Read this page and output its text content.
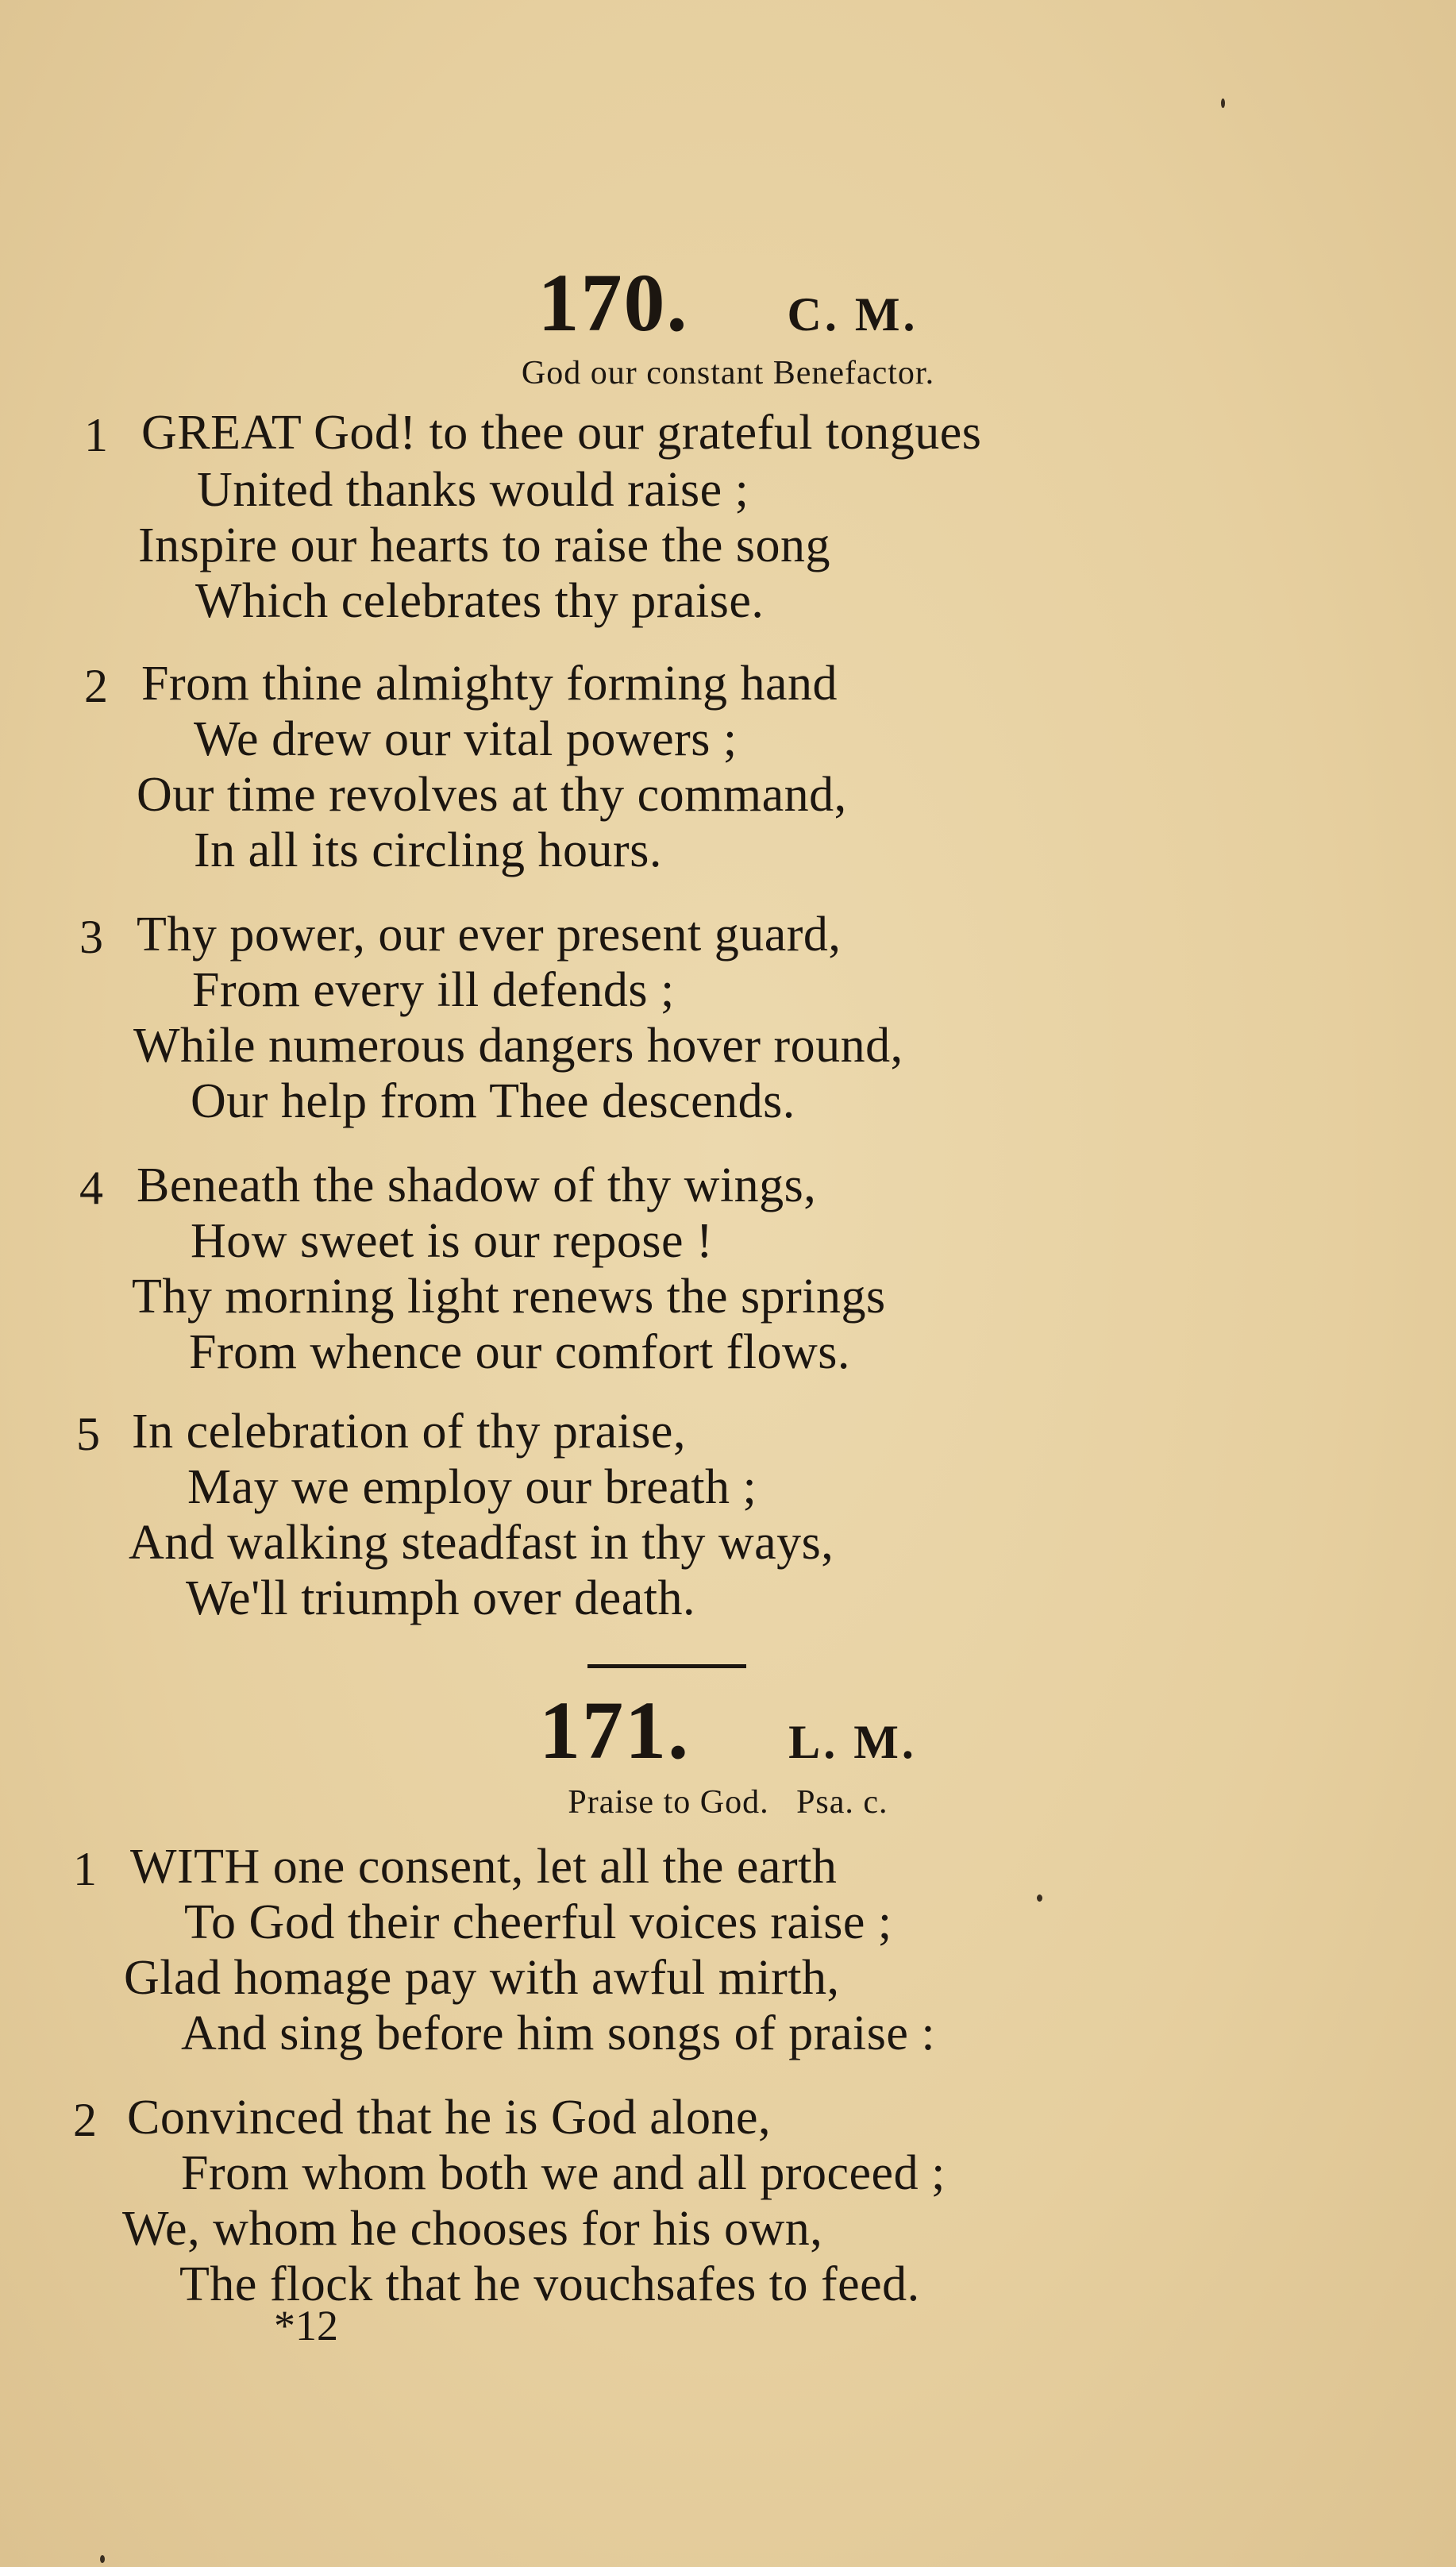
170. C. M.
God our constant Benefactor.
1 GREAT God! to thee our grateful tongues
United thanks would raise ;
Inspire our hearts to raise the song
Which celebrates thy praise.
2 From thine almighty forming hand
We drew our vital powers ;
Our time revolves at thy command,
In all its circling hours.
3 Thy power, our ever present guard,
From every ill defends ;
While numerous dangers hover round,
Our help from Thee descends.
4 Beneath the shadow of thy wings,
How sweet is our repose !
Thy morning light renews the springs
From whence our comfort flows.
5 In celebration of thy praise,
May we employ our breath ;
And walking steadfast in thy ways,
We'll triumph over death.
171. L. M.
Praise to God.   Psa. c.
1 WITH one consent, let all the earth
To God their cheerful voices raise ;
Glad homage pay with awful mirth,
And sing before him songs of praise :
2 Convinced that he is God alone,
From whom both we and all proceed ;
We, whom he chooses for his own,
The flock that he vouchsafes to feed.
*12
